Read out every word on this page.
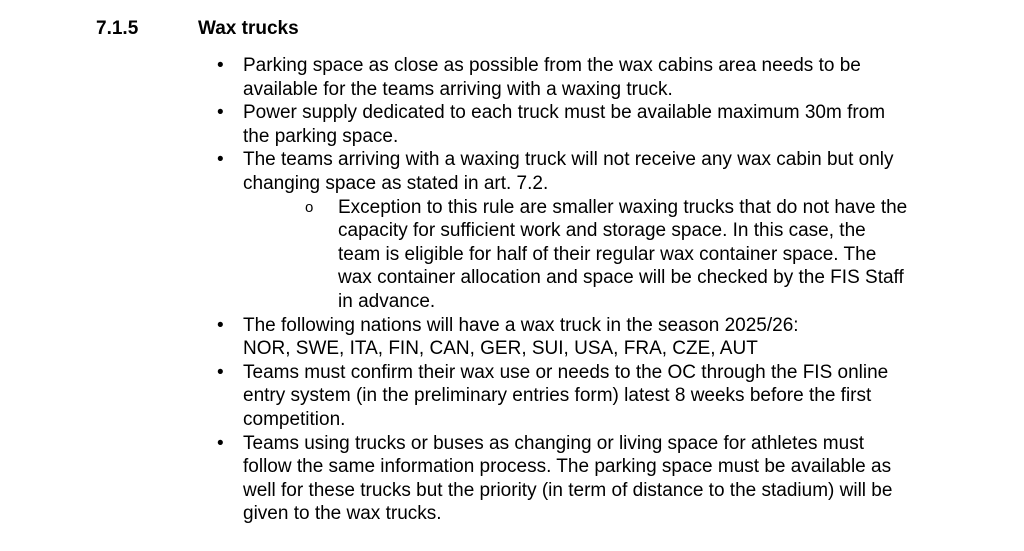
7.1.5	Wax trucks
• Parking space as close as possible from the wax cabins area needs to be
available for the teams arriving with a waxing truck.
• Power supply dedicated to each truck must be available maximum 30m from
the parking space.
• The teams arriving with a waxing truck will not receive any wax cabin but only
changing space as stated in art. 7.2.
o Exception to this rule are smaller waxing trucks that do not have the
capacity for sufficient work and storage space. In this case, the
team is eligible for half of their regular wax container space. The
wax container allocation and space will be checked by the FIS Staff
in advance.
• The following nations will have a wax truck in the season 2025/26:
NOR, SWE, ITA, FIN, CAN, GER, SUI, USA, FRA, CZE, AUT
• Teams must confirm their wax use or needs to the OC through the FIS online
entry system (in the preliminary entries form) latest 8 weeks before the first
competition.
• Teams using trucks or buses as changing or living space for athletes must
follow the same information process. The parking space must be available as
well for these trucks but the priority (in term of distance to the stadium) will be
given to the wax trucks.
